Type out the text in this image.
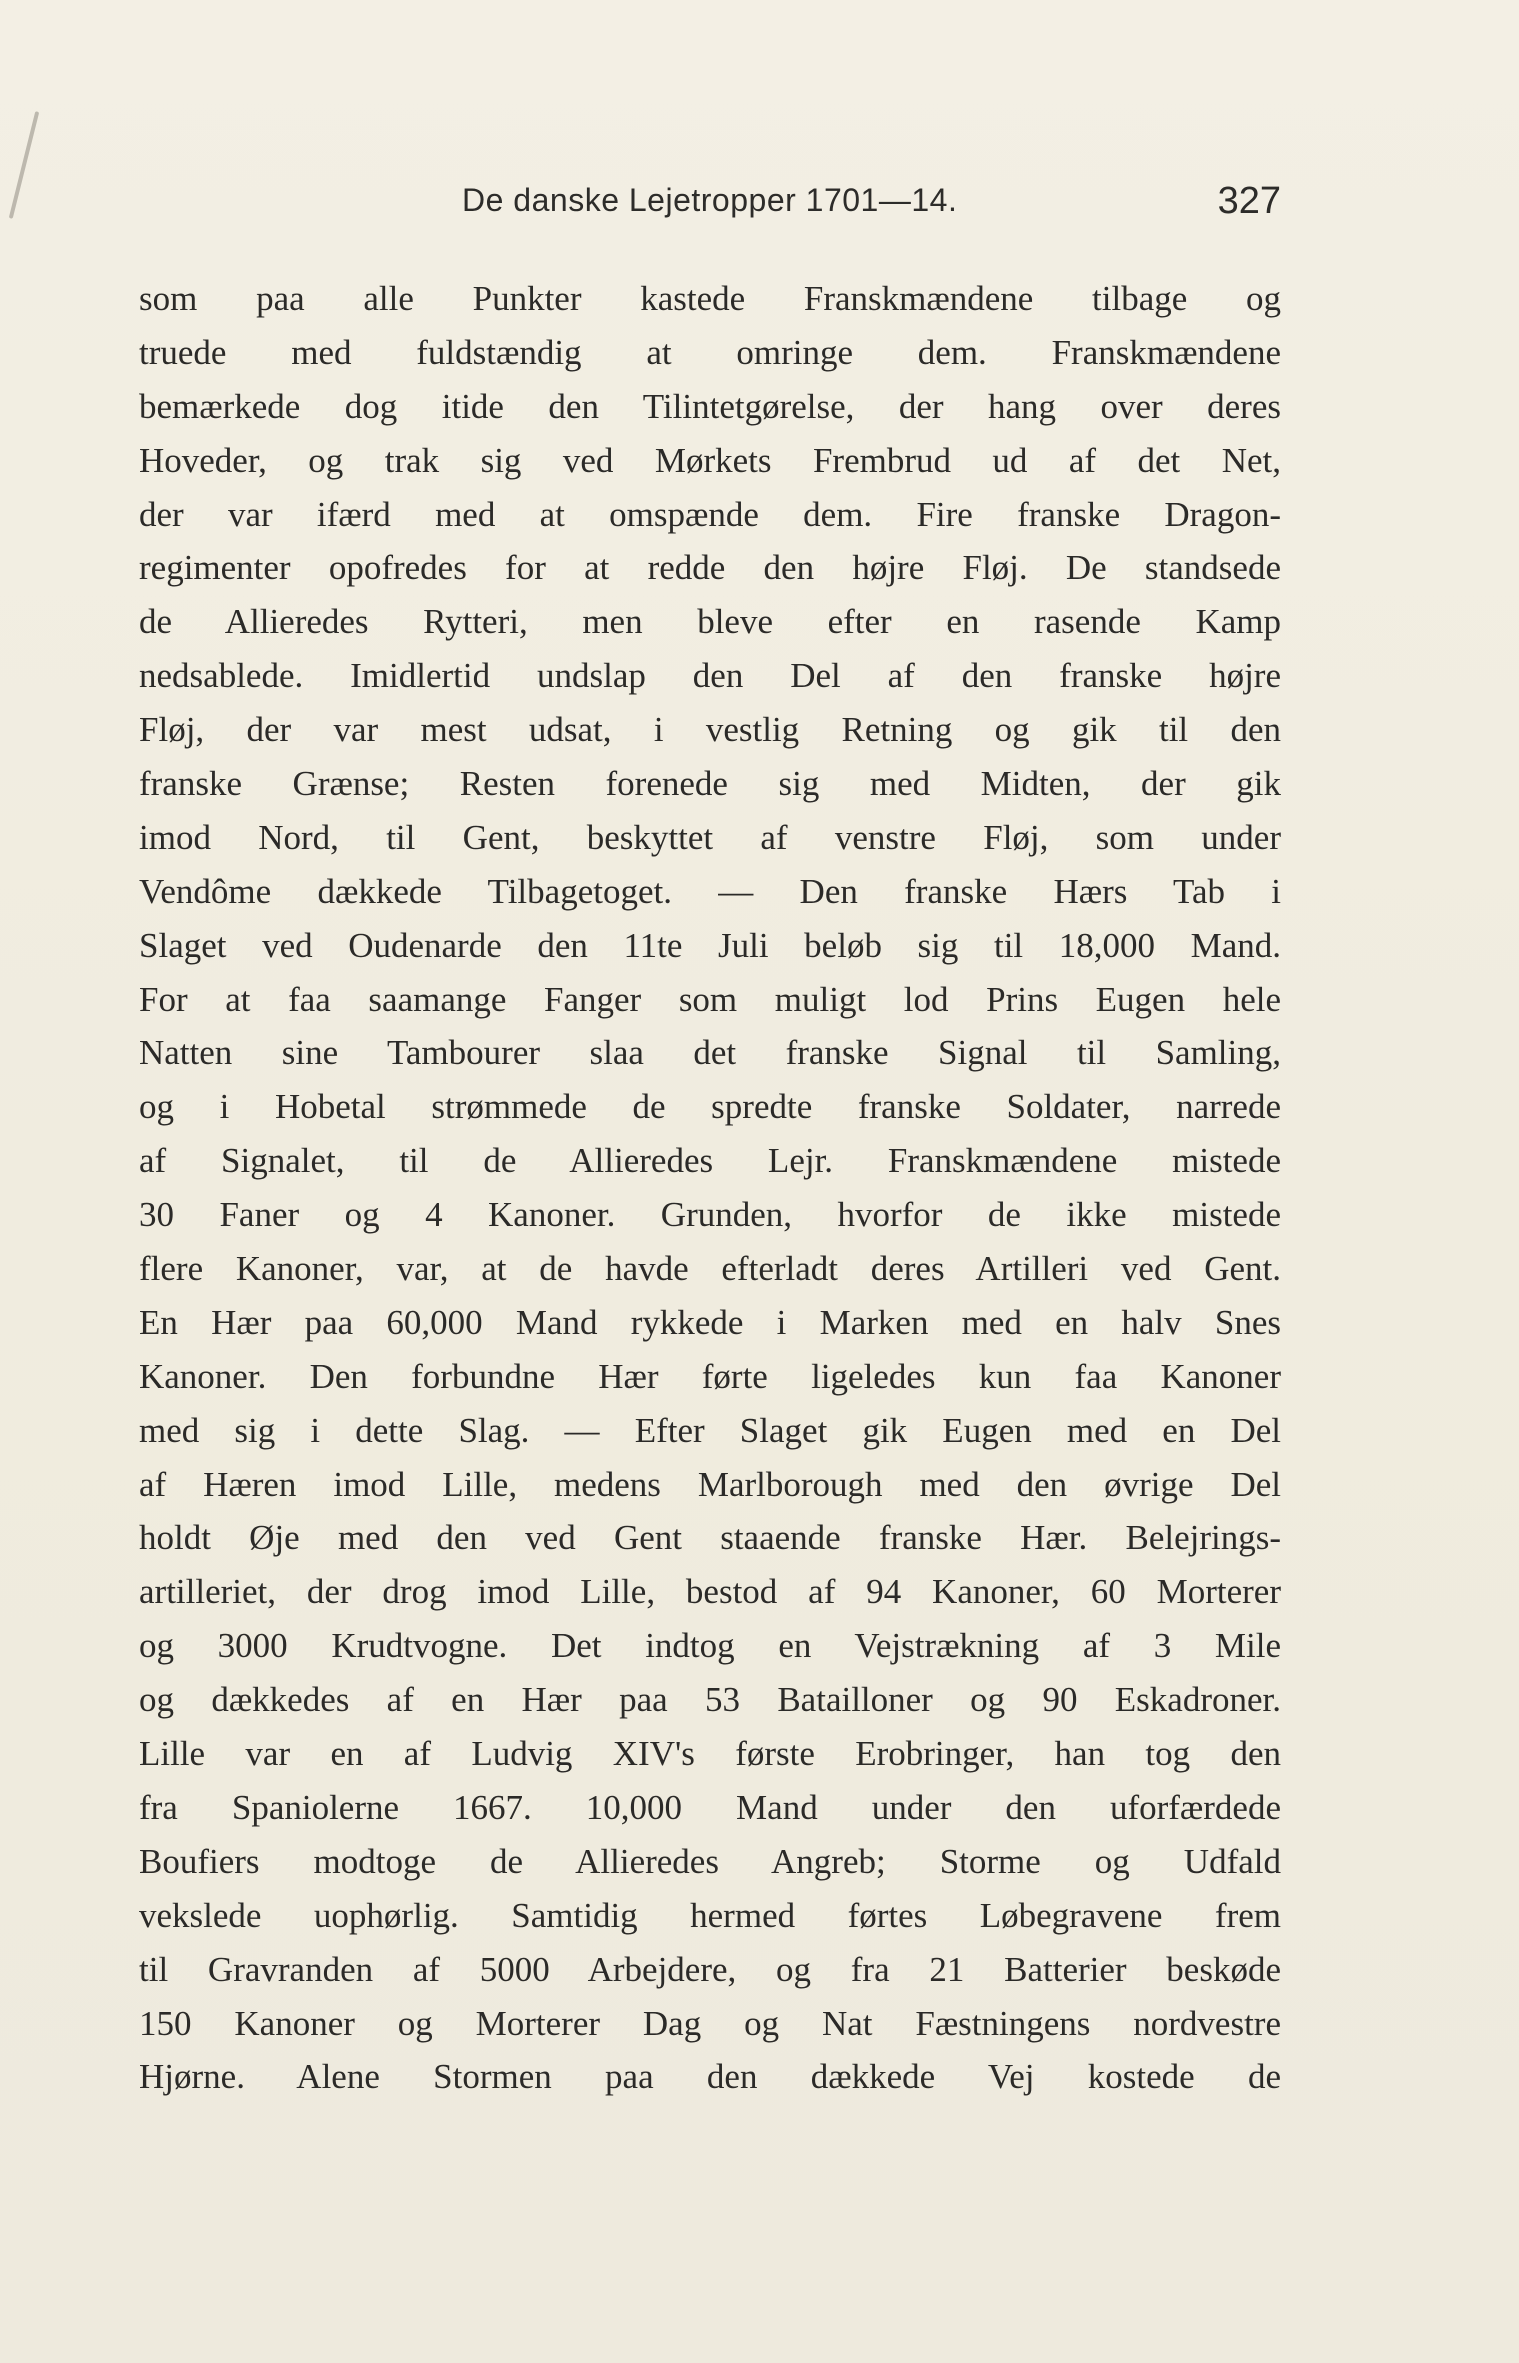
De danske Lejetropper 1701—14.	327
som paa alle Punkter kastede Franskmændene tilbage og
truede med fuldstændig at omringe dem. Franskmændene
bemærkede dog itide den Tilintetgørelse, der hang over deres
Hoveder, og trak sig ved Mørkets Frembrud ud af det Net,
der var ifærd med at omspænde dem. Fire franske Dragon-
regimenter opofredes for at redde den højre Fløj. De standsede
de Allieredes Rytteri, men bleve efter en rasende Kamp
nedsablede. Imidlertid undslap den Del af den franske højre
Fløj, der var mest udsat, i vestlig Retning og gik til den
franske Grænse; Resten forenede sig med Midten, der gik
imod Nord, til Gent, beskyttet af venstre Fløj, som under
Vendôme dækkede Tilbagetoget. — Den franske Hærs Tab i
Slaget ved Oudenarde den 11te Juli beløb sig til 18,000 Mand.
For at faa saamange Fanger som muligt lod Prins Eugen hele
Natten sine Tambourer slaa det franske Signal til Samling,
og i Hobetal strømmede de spredte franske Soldater, narrede
af Signalet, til de Allieredes Lejr. Franskmændene mistede
30 Faner og 4 Kanoner. Grunden, hvorfor de ikke mistede
flere Kanoner, var, at de havde efterladt deres Artilleri ved Gent.
En Hær paa 60,000 Mand rykkede i Marken med en halv Snes
Kanoner. Den forbundne Hær førte ligeledes kun faa Kanoner
med sig i dette Slag. — Efter Slaget gik Eugen med en Del
af Hæren imod Lille, medens Marlborough med den øvrige Del
holdt Øje med den ved Gent staaende franske Hær. Belejrings-
artilleriet, der drog imod Lille, bestod af 94 Kanoner, 60 Morterer
og 3000 Krudtvogne. Det indtog en Vejstrækning af 3 Mile
og dækkedes af en Hær paa 53 Bataillоner og 90 Eskadroner.
Lille var en af Ludvig XIV's første Erobringer, han tog den
fra Spaniolerne 1667. 10,000 Mand under den uforfærdede
Boufiers modtoge de Allieredes Angreb; Storme og Udfald
vekslede uophørlig. Samtidig hermed førtes Løbegravene frem
til Gravranden af 5000 Arbejdere, og fra 21 Batterier beskøde
150 Kanoner og Morterer Dag og Nat Fæstningens nordvestre
Hjørne. Alene Stormen paa den dækkede Vej kostede de
